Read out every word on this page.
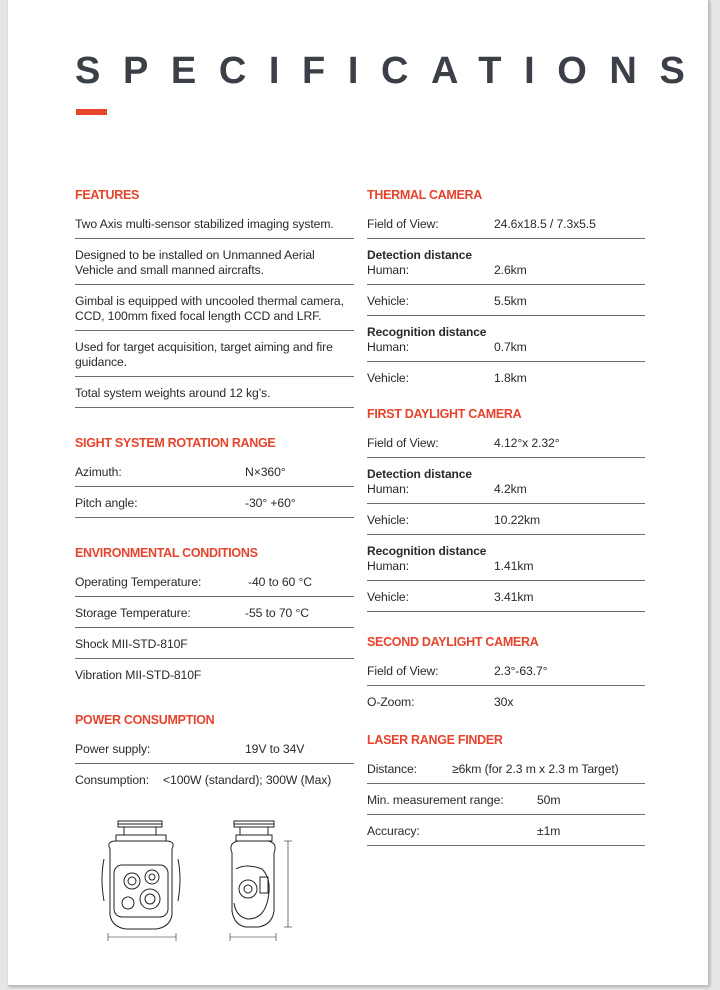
SPECIFICATIONS
FEATURES
Two Axis multi-sensor stabilized imaging system.
Designed to be installed on Unmanned Aerial Vehicle and small manned aircrafts.
Gimbal is equipped with uncooled thermal camera, CCD, 100mm fixed focal length CCD and LRF.
Used for target acquisition, target aiming and fire guidance.
Total system weights around 12 kg’s.
SIGHT SYSTEM ROTATION RANGE
Azimuth:	N×360°
Pitch angle:	-30° +60°
ENVIRONMENTAL CONDITIONS
Operating Temperature:	-40 to 60 °C
Storage Temperature:	-55 to 70 °C
Shock MII-STD-810F
Vibration MII-STD-810F
POWER CONSUMPTION
Power supply:	19V to 34V
Consumption:	<100W (standard); 300W (Max)
THERMAL CAMERA
Field of View:	24.6x18.5 / 7.3x5.5
Detection distance
Human:	2.6km
Vehicle:	5.5km
Recognition distance
Human:	0.7km
Vehicle:	1.8km
FIRST DAYLIGHT CAMERA
Field of View:	4.12°x 2.32°
Detection distance
Human:	4.2km
Vehicle:	10.22km
Recognition distance
Human:	1.41km
Vehicle:	3.41km
SECOND DAYLIGHT CAMERA
Field of View:	2.3°-63.7°
O-Zoom:	30x
LASER RANGE FINDER
Distance:	≥6km (for 2.3 m x 2.3 m Target)
Min. measurement range:	50m
Accuracy:	±1m
